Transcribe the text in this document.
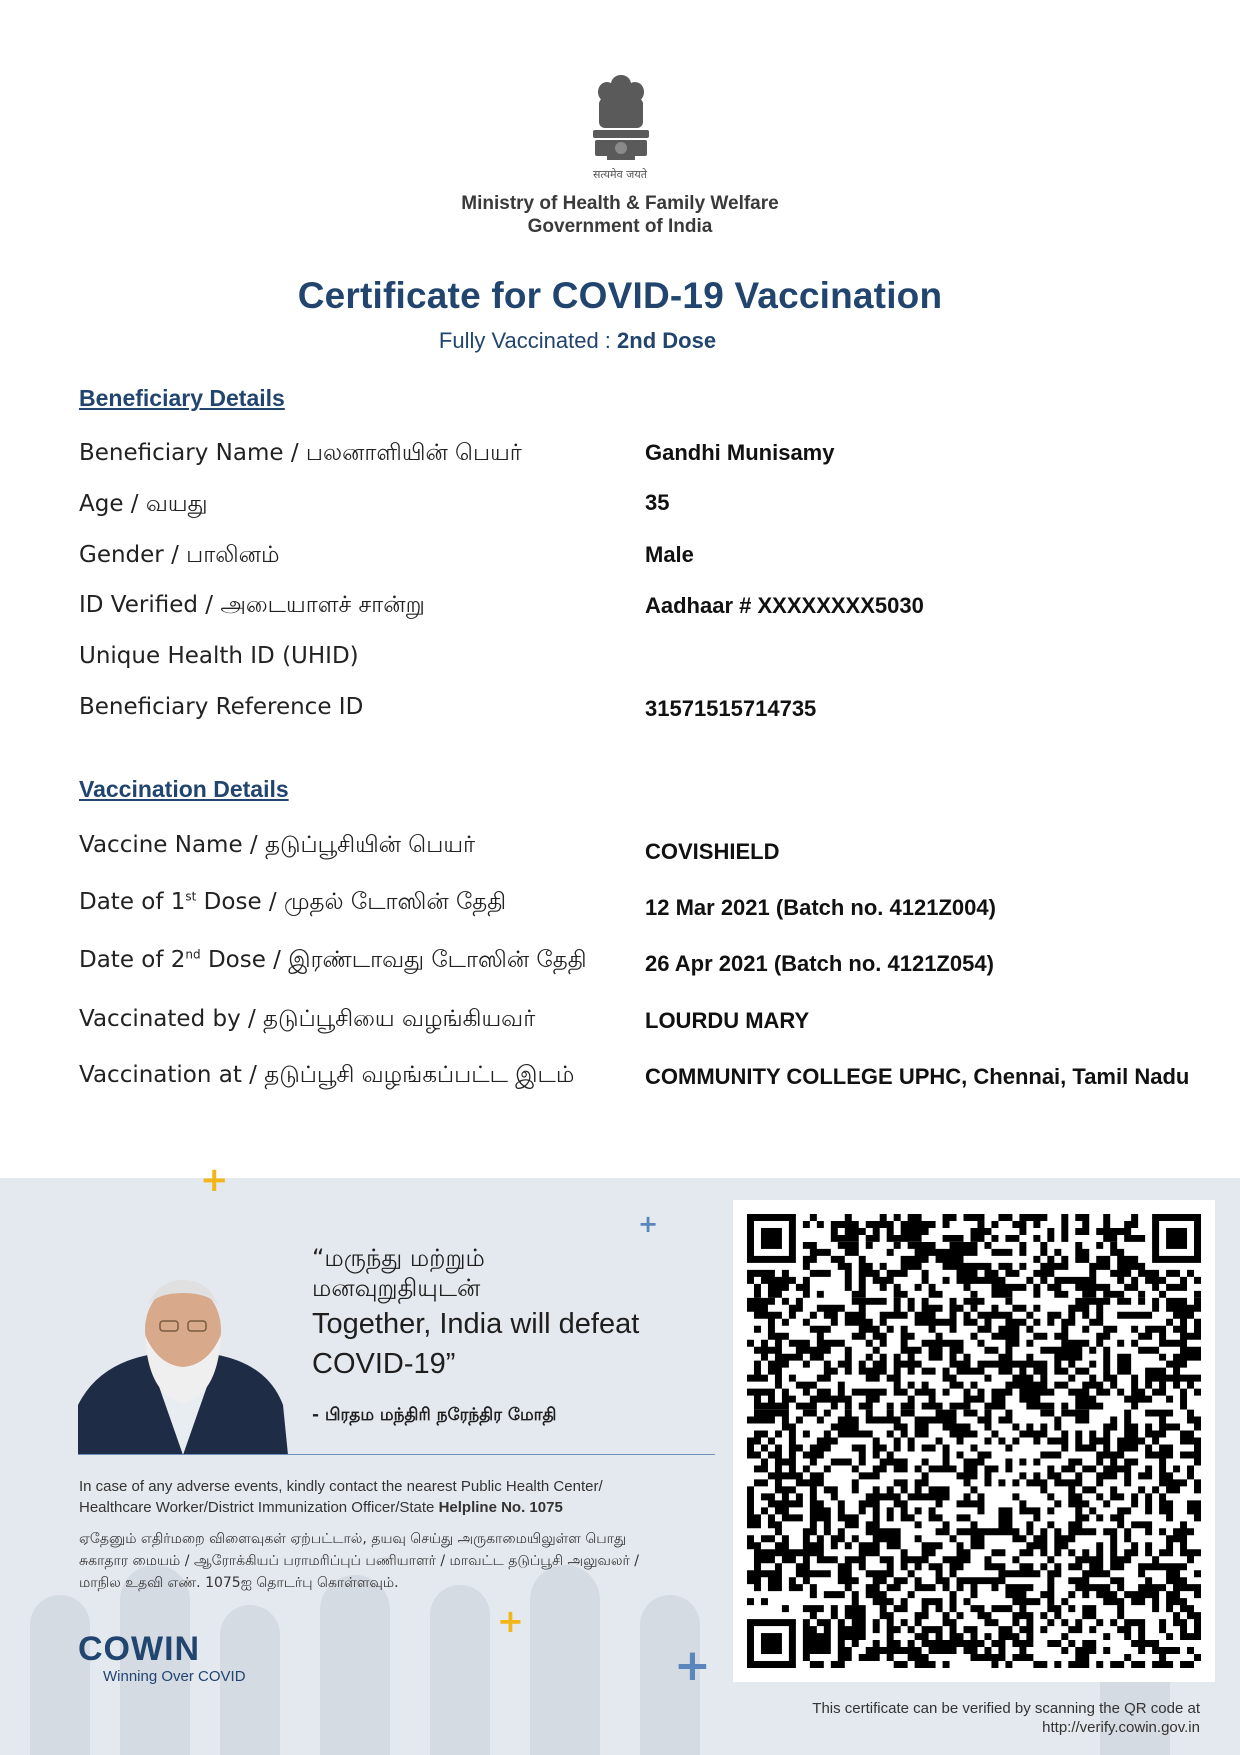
सत्यमेव जयते
Ministry of Health & Family Welfare
Government of India
Certificate for COVID-19 Vaccination
Fully Vaccinated : 2nd Dose
Beneficiary Details
Beneficiary Name / பலனாளியின் பெயர்	Gandhi Munisamy
Age / வயது	35
Gender / பாலினம்	Male
ID Verified / அடையாளச் சான்று	Aadhaar # XXXXXXXX5030
Unique Health ID (UHID)
Beneficiary Reference ID	31571515714735
Vaccination Details
Vaccine Name / தடுப்பூசியின் பெயர்	COVISHIELD
Date of 1st Dose / முதல் டோஸின் தேதி	12 Mar 2021 (Batch no. 4121Z004)
Date of 2nd Dose / இரண்டாவது டோஸின் தேதி	26 Apr 2021 (Batch no. 4121Z054)
Vaccinated by / தடுப்பூசியை வழங்கியவர்	LOURDU MARY
Vaccination at / தடுப்பூசி வழங்கப்பட்ட இடம்	COMMUNITY COLLEGE UPHC, Chennai, Tamil Nadu
+
+
+
+
“மருந்து மற்றும்
மனவுறுதியுடன்
Together, India will defeat
COVID-19”
- பிரதம மந்திரி நரேந்திர மோதி
In case of any adverse events, kindly contact the nearest Public Health Center/
Healthcare Worker/District Immunization Officer/State Helpline No. 1075
ஏதேனும் எதிர்மறை விளைவுகள் ஏற்பட்டால், தயவு செய்து அருகாமையிலுள்ள பொது
சுகாதார மையம் / ஆரோக்கியப் பராமரிப்புப் பணியாளர் / மாவட்ட தடுப்பூசி அலுவலர் /
மாநில உதவி எண். 1075ஐ தொடர்பு கொள்ளவும்.
COWIN
Winning Over COVID
This certificate can be verified by scanning the QR code at
http://verify.cowin.gov.in
